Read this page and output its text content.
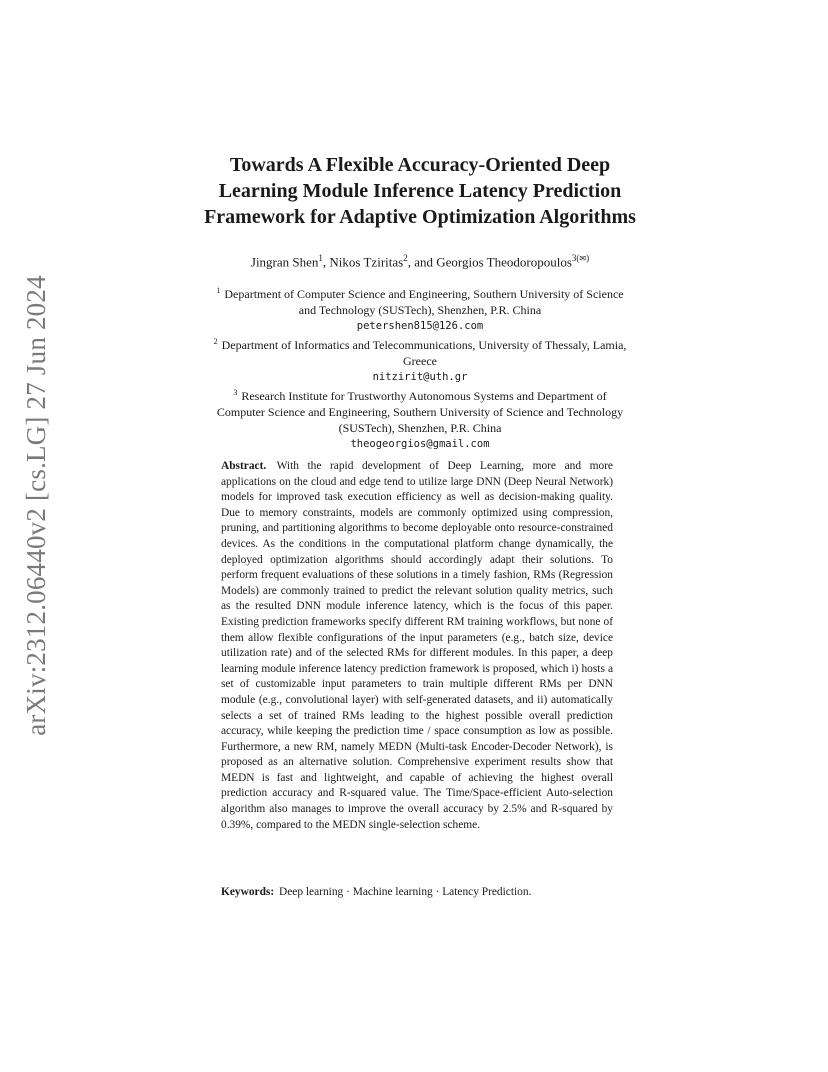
arXiv:2312.06440v2 [cs.LG] 27 Jun 2024
Towards A Flexible Accuracy-Oriented Deep
Learning Module Inference Latency Prediction
Framework for Adaptive Optimization Algorithms
Jingran Shen$^1$, Nikos Tziritas$^2$, and Georgios Theodoropoulos$^{3(✉)}$
$^1$ Department of Computer Science and Engineering, Southern University of Science
and Technology (SUSTech), Shenzhen, P.R. China
petershen815@126.com
$^2$ Department of Informatics and Telecommunications, University of Thessaly, Lamia,
Greece
nitzirit@uth.gr
$^3$ Research Institute for Trustworthy Autonomous Systems and Department of
Computer Science and Engineering, Southern University of Science and Technology
(SUSTech), Shenzhen, P.R. China
theogeorgios@gmail.com
Abstract. With the rapid development of Deep Learning, more and more applications on the cloud and edge tend to utilize large DNN (Deep Neural Network) models for improved task execution efficiency as well as decision-making quality. Due to memory constraints, models are commonly optimized using compression, pruning, and partitioning algorithms to become deployable onto resource-constrained devices. As the conditions in the computational platform change dynamically, the deployed optimization algorithms should accordingly adapt their solutions. To perform frequent evaluations of these solutions in a timely fashion, RMs (Regression Models) are commonly trained to predict the relevant solution quality metrics, such as the resulted DNN module inference latency, which is the focus of this paper. Existing prediction frameworks specify different RM training workflows, but none of them allow flexible configurations of the input parameters (e.g., batch size, device utilization rate) and of the selected RMs for different modules. In this paper, a deep learning module inference latency prediction framework is proposed, which i) hosts a set of customizable input parameters to train multiple different RMs per DNN module (e.g., convolutional layer) with self-generated datasets, and ii) automatically selects a set of trained RMs leading to the highest possible overall prediction accuracy, while keeping the prediction time / space consumption as low as possible. Furthermore, a new RM, namely MEDN (Multi-task Encoder-Decoder Network), is proposed as an alternative solution. Comprehensive experiment results show that MEDN is fast and lightweight, and capable of achieving the highest overall prediction accuracy and R-squared value. The Time/Space-efficient Auto-selection algorithm also manages to improve the overall accuracy by 2.5% and R-squared by 0.39%, compared to the MEDN single-selection scheme.
Keywords: Deep learning · Machine learning · Latency Prediction.
